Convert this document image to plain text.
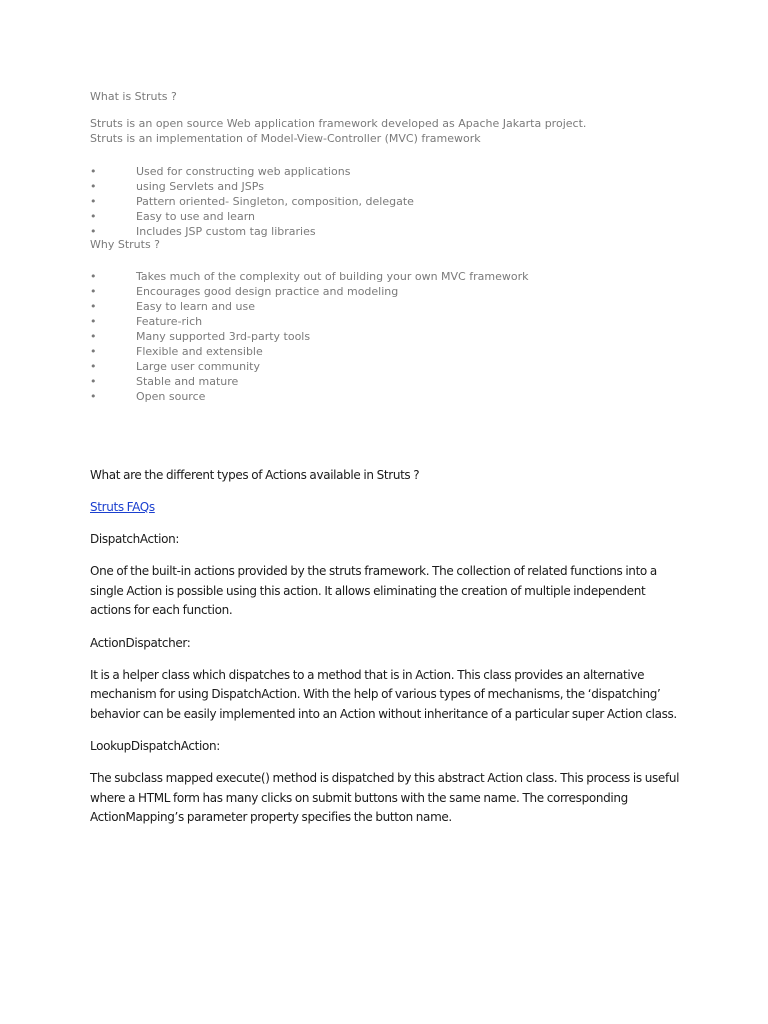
What is Struts ?

Struts is an open source Web application framework developed as Apache Jakarta project.

Struts is an implementation of Model-View-Controller (MVC) framework

•	Used for constructing web applications
•	using Servlets and JSPs
•	Pattern oriented- Singleton, composition, delegate
•	Easy to use and learn
•	Includes JSP custom tag libraries

Why Struts ?

•	Takes much of the complexity out of building your own MVC framework
•	Encourages good design practice and modeling
•	Easy to learn and use
•	Feature-rich
•	Many supported 3rd-party tools
•	Flexible and extensible
•	Large user community
•	Stable and mature
•	Open source

What are the different types of Actions available in Struts ?

Struts FAQs

DispatchAction:

One of the built-in actions provided by the struts framework. The collection of related functions into a

single Action is possible using this action. It allows eliminating the creation of multiple independent

actions for each function.

ActionDispatcher:

It is a helper class which dispatches to a method that is in Action. This class provides an alternative

mechanism for using DispatchAction. With the help of various types of mechanisms, the ‘dispatching’

behavior can be easily implemented into an Action without inheritance of a particular super Action class.

LookupDispatchAction:

The subclass mapped execute() method is dispatched by this abstract Action class. This process is useful

where a HTML form has many clicks on submit buttons with the same name. The corresponding

ActionMapping’s parameter property specifies the button name.
